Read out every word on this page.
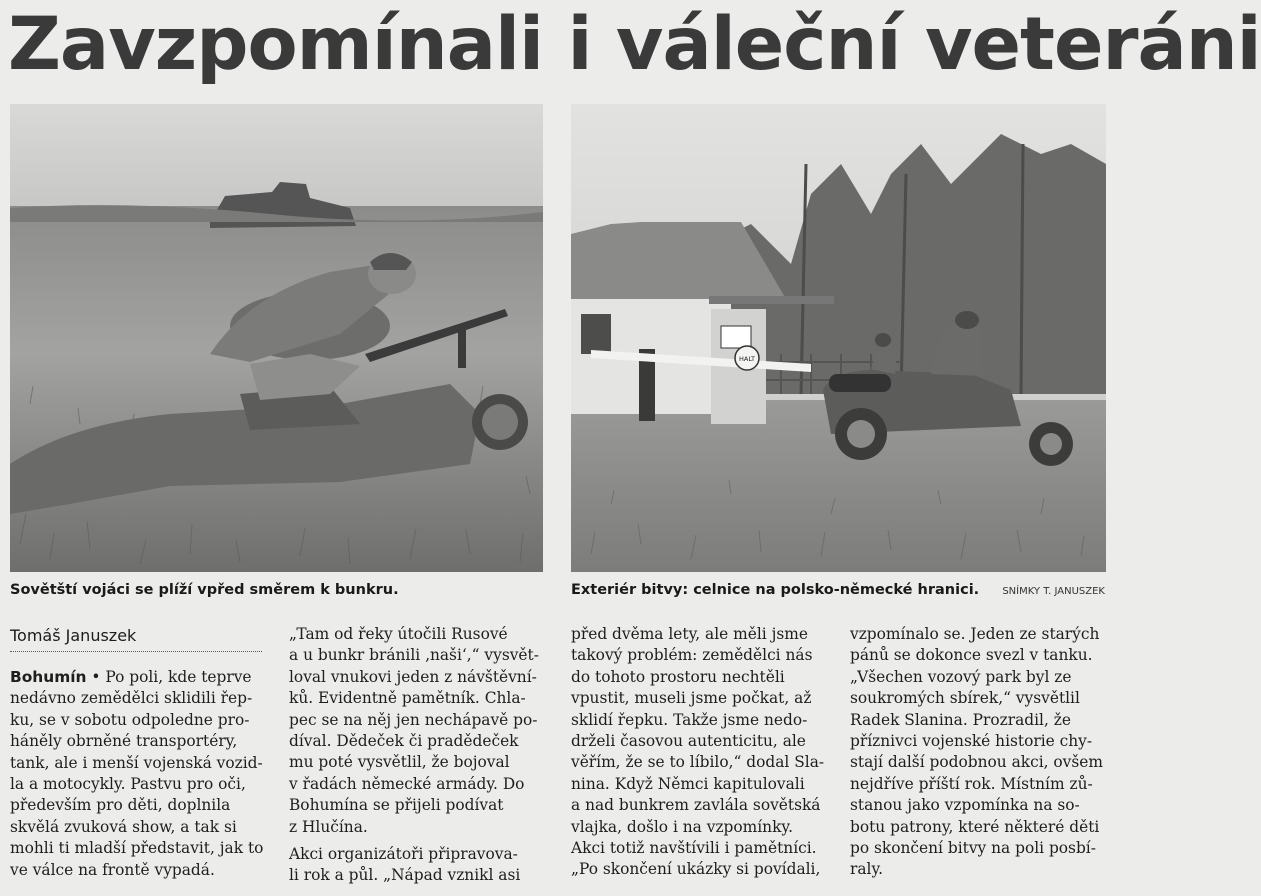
Zavzpomínali i váleční veteráni
HALT
Sovětští vojáci se plíží vpřed směrem k bunkru.	Exteriér bitvy: celnice na polsko-německé hranici. SNÍMKY T. JANUSZEK
Tomáš Januszek
Bohumín • Po poli, kde teprve
nedávno zemědělci sklidili řep-
ku, se v sobotu odpoledne pro-
háněly obrněné transportéry,
tank, ale i menší vojenská vozid-
la a motocykly. Pastvu pro oči,
především pro děti, doplnila
skvělá zvuková show, a tak si
mohli ti mladší představit, jak to
ve válce na frontě vypadá.
„Tam od řeky útočili Rusové
a u bunkr bránili ‚naši‘,“ vysvět-
loval vnukovi jeden z návštěvní-
ků. Evidentně pamětník. Chla-
pec se na něj jen nechápavě po-
díval. Dědeček či pradědeček
mu poté vysvětlil, že bojoval
v řadách německé armády. Do
Bohumína se přijeli podívat
z Hlučína.
Akci organizátoři připravova-
li rok a půl. „Nápad vznikl asi
před dvěma lety, ale měli jsme
takový problém: zemědělci nás
do tohoto prostoru nechtěli
vpustit, museli jsme počkat, až
sklidí řepku. Takže jsme nedo-
drželi časovou autenticitu, ale
věřím, že se to líbilo,“ dodal Sla-
nina. Když Němci kapitulovali
a nad bunkrem zavlála sovětská
vlajka, došlo i na vzpomínky.
Akci totiž navštívili i pamětníci.
„Po skončení ukázky si povídali,
vzpomínalo se. Jeden ze starých
pánů se dokonce svezl v tanku.
„Všechen vozový park byl ze
soukromých sbírek,“ vysvětlil
Radek Slanina. Prozradil, že
příznivci vojenské historie chy-
stají další podobnou akci, ovšem
nejdříve příští rok. Místním zů-
stanou jako vzpomínka na so-
botu patrony, které některé děti
po skončení bitvy na poli posbí-
raly.
